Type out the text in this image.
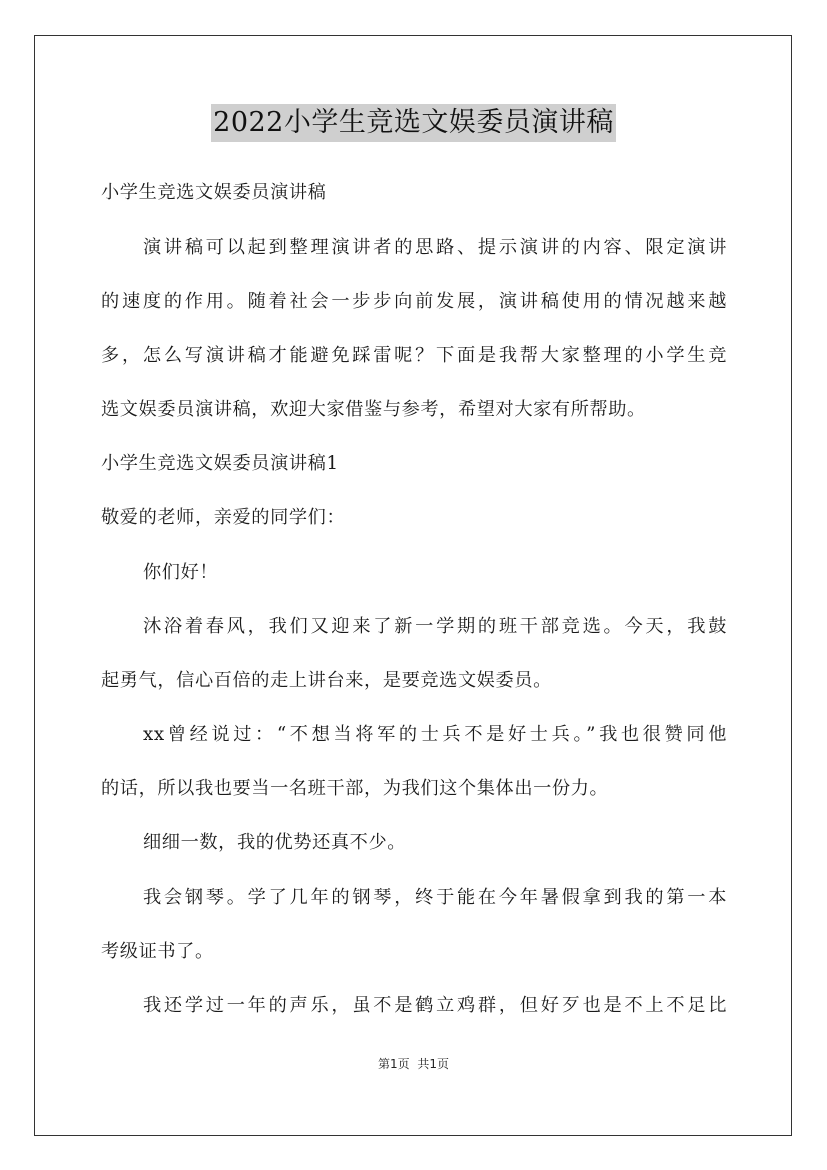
2022小学生竞选文娱委员演讲稿
小学生竞选文娱委员演讲稿
演讲稿可以起到整理演讲者的思路、提示演讲的内容、限定演讲
的速度的作用。随着社会一步步向前发展，演讲稿使用的情况越来越
多，怎么写演讲稿才能避免踩雷呢？下面是我帮大家整理的小学生竞
选文娱委员演讲稿，欢迎大家借鉴与参考，希望对大家有所帮助。
小学生竞选文娱委员演讲稿1
敬爱的老师，亲爱的同学们：
你们好！
沐浴着春风，我们又迎来了新一学期的班干部竞选。今天，我鼓
起勇气，信心百倍的走上讲台来，是要竞选文娱委员。
xx曾经说过：“不想当将军的士兵不是好士兵。”我也很赞同他
的话，所以我也要当一名班干部，为我们这个集体出一份力。
细细一数，我的优势还真不少。
我会钢琴。学了几年的钢琴，终于能在今年暑假拿到我的第一本
考级证书了。
我还学过一年的声乐，虽不是鹤立鸡群，但好歹也是不上不足比
第1页 共1页
